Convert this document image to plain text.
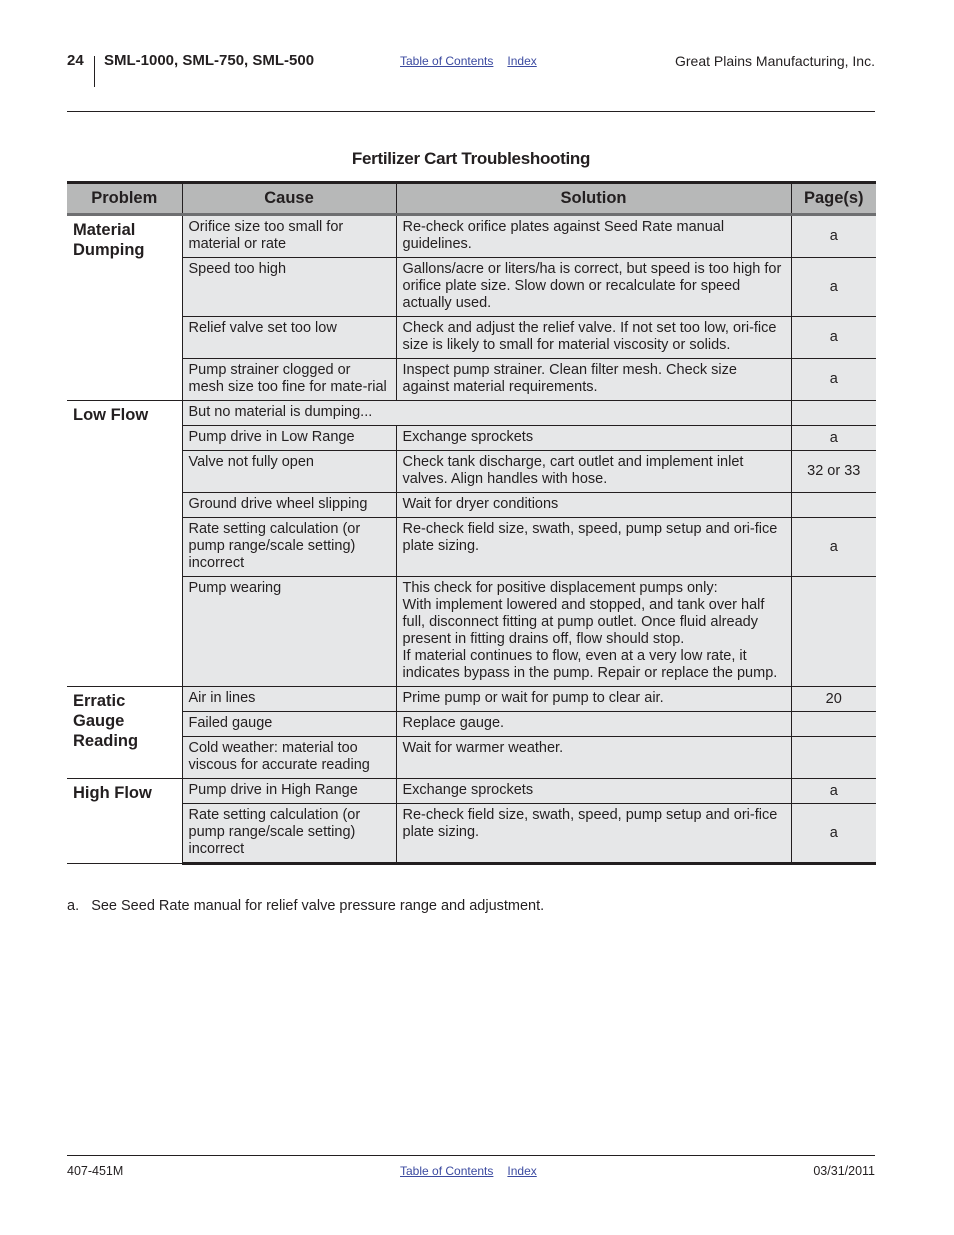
24 SML-1000, SML-750, SML-500	Table of Contents Index	Great Plains Manufacturing, Inc.
Fertilizer Cart Troubleshooting
Problem	Cause	Solution	Page(s)
Material Dumping	Orifice size too small for material or rate	Re-check orifice plates against Seed Rate manual guidelines.	a
	Speed too high	Gallons/acre or liters/ha is correct, but speed is too high for orifice plate size. Slow down or recalculate for speed actually used.	a
	Relief valve set too low	Check and adjust the relief valve. If not set too low, ori-fice size is likely to small for material viscosity or solids.	a
	Pump strainer clogged or mesh size too fine for mate-rial	Inspect pump strainer. Clean filter mesh. Check size against material requirements.	a
Low Flow	But no material is dumping...		
	Pump drive in Low Range	Exchange sprockets	a
	Valve not fully open	Check tank discharge, cart outlet and implement inlet valves. Align handles with hose.	32 or 33
	Ground drive wheel slipping	Wait for dryer conditions	
	Rate setting calculation (or pump range/scale setting) incorrect	Re-check field size, swath, speed, pump setup and ori-fice plate sizing.	a
	Pump wearing	This check for positive displacement pumps only:
With implement lowered and stopped, and tank over half full, disconnect fitting at pump outlet. Once fluid already present in fitting drains off, flow should stop.
If material continues to flow, even at a very low rate, it indicates bypass in the pump. Repair or replace the pump.	
Erratic Gauge Reading	Air in lines	Prime pump or wait for pump to clear air.	20
	Failed gauge	Replace gauge.	
	Cold weather: material too viscous for accurate reading	Wait for warmer weather.	
High Flow	Pump drive in High Range	Exchange sprockets	a
	Rate setting calculation (or pump range/scale setting) incorrect	Re-check field size, swath, speed, pump setup and ori-fice plate sizing.	a
a. See Seed Rate manual for relief valve pressure range and adjustment.
407-451M	Table of Contents Index	03/31/2011
